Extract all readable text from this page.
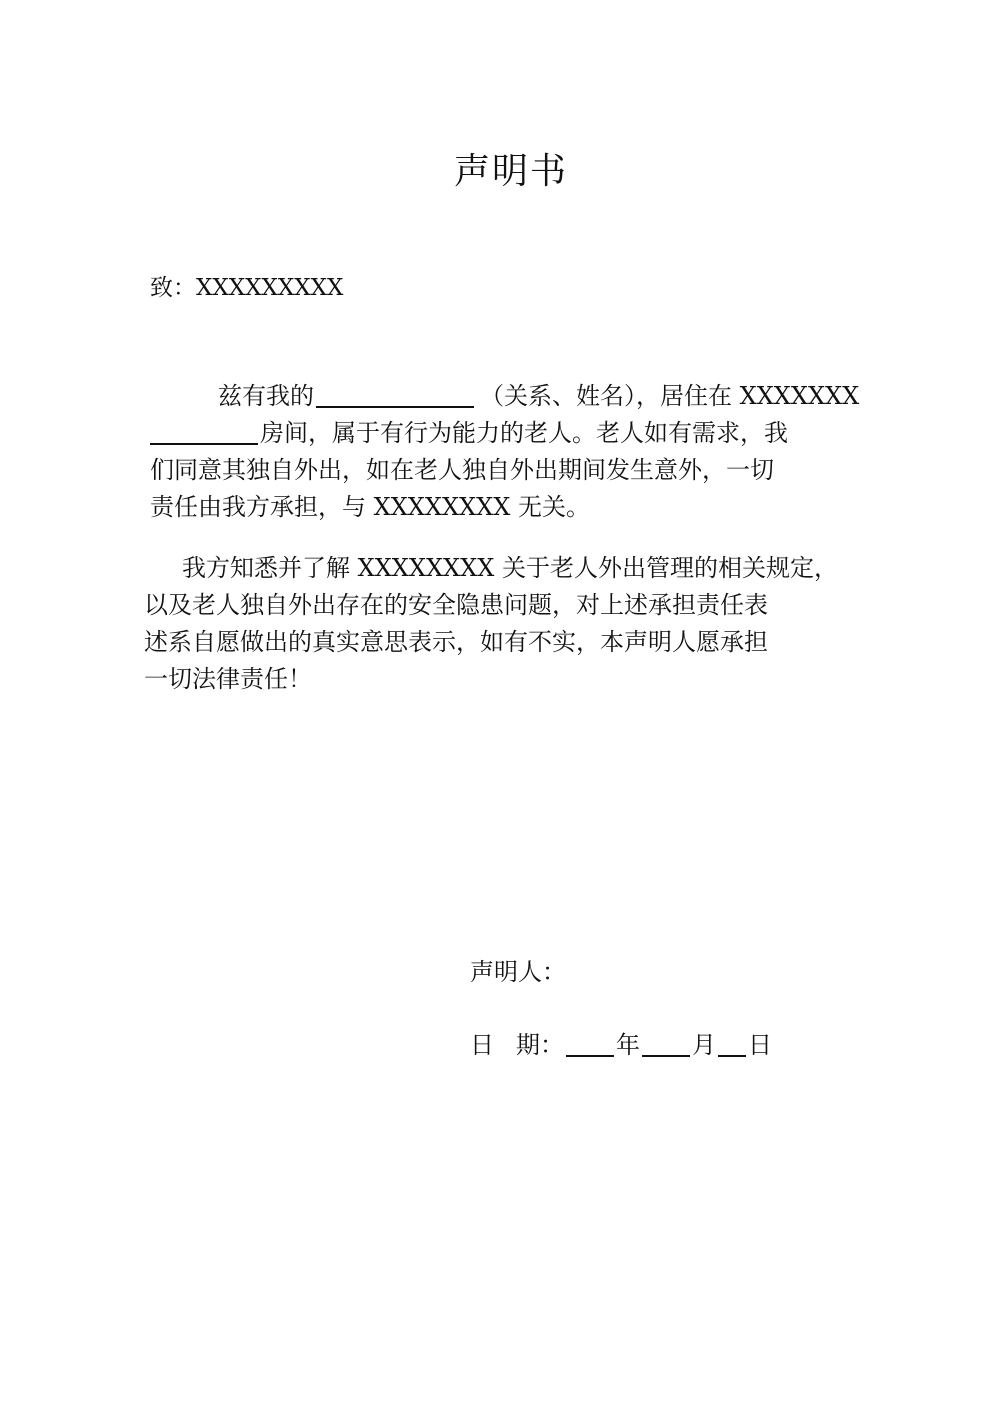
声明书
致：XXXXXXXXX
兹有我的	（关系、姓名），居住在 XXXXXXX
房间，属于有行为能力的老人。老人如有需求，我
们同意其独自外出，如在老人独自外出期间发生意外，一切
责任由我方承担，与 XXXXXXXX 无关。
我方知悉并了解 XXXXXXXX 关于老人外出管理的相关规定，
以及老人独自外出存在的安全隐患问题，对上述承担责任表
述系自愿做出的真实意思表示，如有不实，本声明人愿承担
一切法律责任！
声明人：
日 期： 年 月 日
